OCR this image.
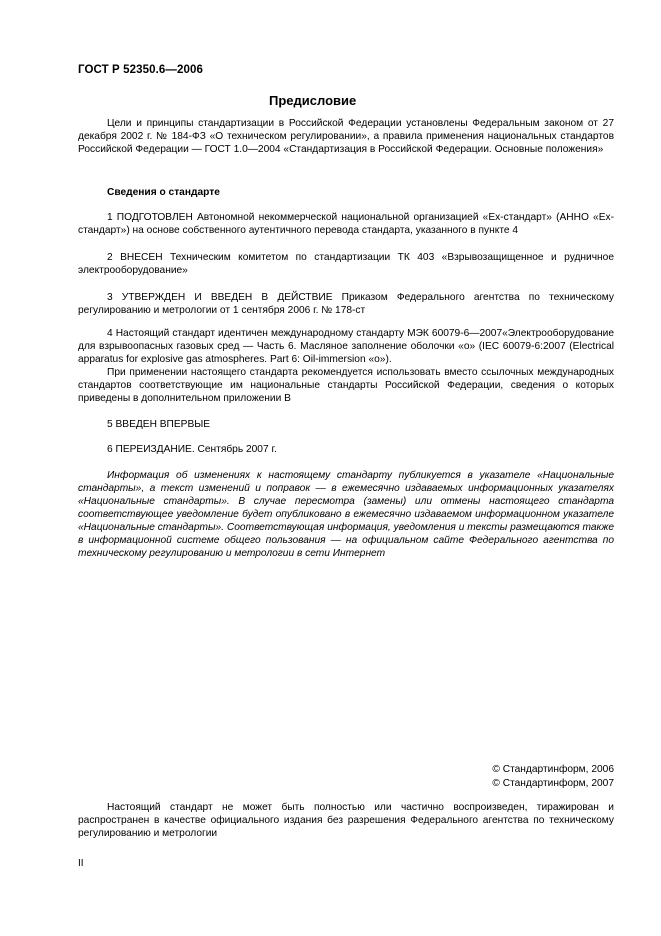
ГОСТ Р 52350.6—2006
Предисловие

Цели и принципы стандартизации в Российской Федерации установлены Федеральным законом от 27 декабря 2002 г. № 184-ФЗ «О техническом регулировании», а правила применения национальных стандартов Российской Федерации — ГОСТ 1.0—2004 «Стандартизация в Российской Федерации. Основные положения»

Сведения о стандарте

1 ПОДГОТОВЛЕН Автономной некоммерческой национальной организацией «Ех-стандарт» (АННО «Ех-стандарт») на основе собственного аутентичного перевода стандарта, указанного в пункте 4

2 ВНЕСЕН Техническим комитетом по стандартизации ТК 403 «Взрывозащищенное и рудничное электрооборудование»

3 УТВЕРЖДЕН И ВВЕДЕН В ДЕЙСТВИЕ Приказом Федерального агентства по техническому регулированию и метрологии от 1 сентября 2006 г. № 178-ст

4 Настоящий стандарт идентичен международному стандарту МЭК 60079-6—2007«Электрооборудование для взрывоопасных газовых сред — Часть 6. Масляное заполнение оболочки «о» (IEC 60079-6:2007 (Electrical apparatus for explosive gas atmospheres. Part 6: Oil-immersion «о»).

При применении настоящего стандарта рекомендуется использовать вместо ссылочных международных стандартов соответствующие им национальные стандарты Российской Федерации, сведения о которых приведены в дополнительном приложении В

5 ВВЕДЕН ВПЕРВЫЕ

6 ПЕРЕИЗДАНИЕ. Сентябрь 2007 г.

Информация об изменениях к настоящему стандарту публикуется в указателе «Национальные стандарты», а текст изменений и поправок — в ежемесячно издаваемых информационных указателях «Национальные стандарты». В случае пересмотра (замены) или отмены настоящего стандарта соответствующее уведомление будет опубликовано в ежемесячно издаваемом информационном указателе «Национальные стандарты». Соответствующая информация, уведомления и тексты размещаются также в информационной системе общего пользования — на официальном сайте Федерального агентства по техническому регулированию и метрологии в сети Интернет

© Стандартинформ, 2006
© Стандартинформ, 2007

Настоящий стандарт не может быть полностью или частично воспроизведен, тиражирован и распространен в качестве официального издания без разрешения Федерального агентства по техническому регулированию и метрологии

II
